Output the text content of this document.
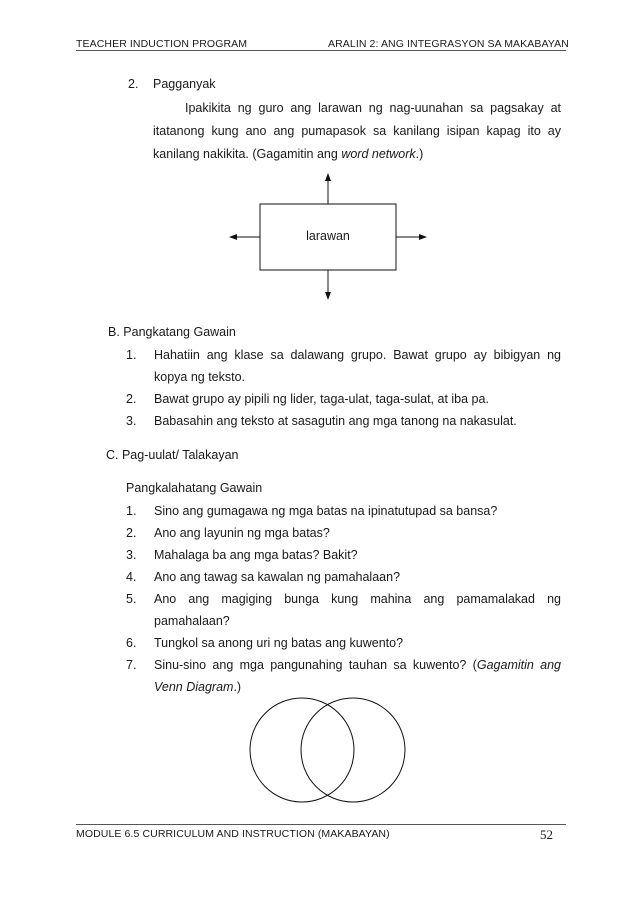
TEACHER INDUCTION PROGRAM	ARALIN 2: ANG INTEGRASYON SA MAKABAYAN
2. Pagganyak
Ipakikita ng guro ang larawan ng nag-uunahan sa pagsakay at
itatanong kung ano ang pumapasok sa kanilang isipan kapag ito ay
kanilang nakikita. (Gagamitin ang word network.)
larawan
B. Pangkatang Gawain
1. Hahatiin ang klase sa dalawang grupo. Bawat grupo ay bibigyan ng
kopya ng teksto.
2. Bawat grupo ay pipili ng lider, taga-ulat, taga-sulat, at iba pa.
3. Babasahin ang teksto at sasagutin ang mga tanong na nakasulat.
C. Pag-uulat/ Talakayan
Pangkalahatang Gawain
1. Sino ang gumagawa ng mga batas na ipinatutupad sa bansa?
2. Ano ang layunin ng mga batas?
3. Mahalaga ba ang mga batas? Bakit?
4. Ano ang tawag sa kawalan ng pamahalaan?
5. Ano ang magiging bunga kung mahina ang pamamalakad ng
pamahalaan?
6. Tungkol sa anong uri ng batas ang kuwento?
7. Sinu-sino ang mga pangunahing tauhan sa kuwento? (Gagamitin ang
Venn Diagram.)
MODULE 6.5 CURRICULUM AND INSTRUCTION (MAKABAYAN)	52
